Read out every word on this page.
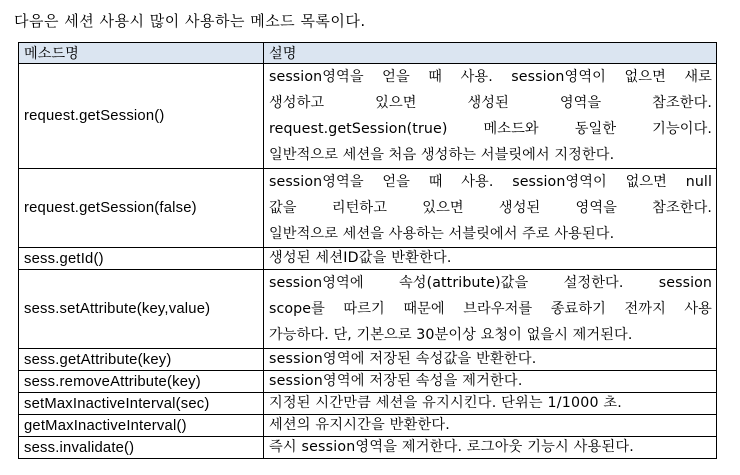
다음은 세션 사용시 많이 사용하는 메소드 목록이다.
메소드명	설명
request.getSession()	session영역을 얻을 때 사용. session영역이 없으면 새로
생성하고 있으면 생성된 영역을 참조한다.
request.getSession(true) 메소드와 동일한 기능이다.
일반적으로 세션을 처음 생성하는 서블릿에서 지정한다.

request.getSession(false)	session영역을 얻을 때 사용. session영역이 없으면 null
값을 리턴하고 있으면 생성된 영역을 참조한다.
일반적으로 세션을 사용하는 서블릿에서 주로 사용된다.

sess.getId()	생성된 세션ID값을 반환한다.
sess.setAttribute(key,value)	session영역에 속성(attribute)값을 설정한다. session
scope를 따르기 때문에 브라우저를 종료하기 전까지 사용
가능하다. 단, 기본으로 30분이상 요청이 없을시 제거된다.

sess.getAttribute(key)	session영역에 저장된 속성값을 반환한다.
sess.removeAttribute(key)	session영역에 저장된 속성을 제거한다.
setMaxInactiveInterval(sec)	지정된 시간만큼 세션을 유지시킨다. 단위는 1/1000 초.
getMaxInactiveInterval()	세션의 유지시간을 반환한다.
sess.invalidate()	즉시 session영역을 제거한다. 로그아웃 기능시 사용된다.
